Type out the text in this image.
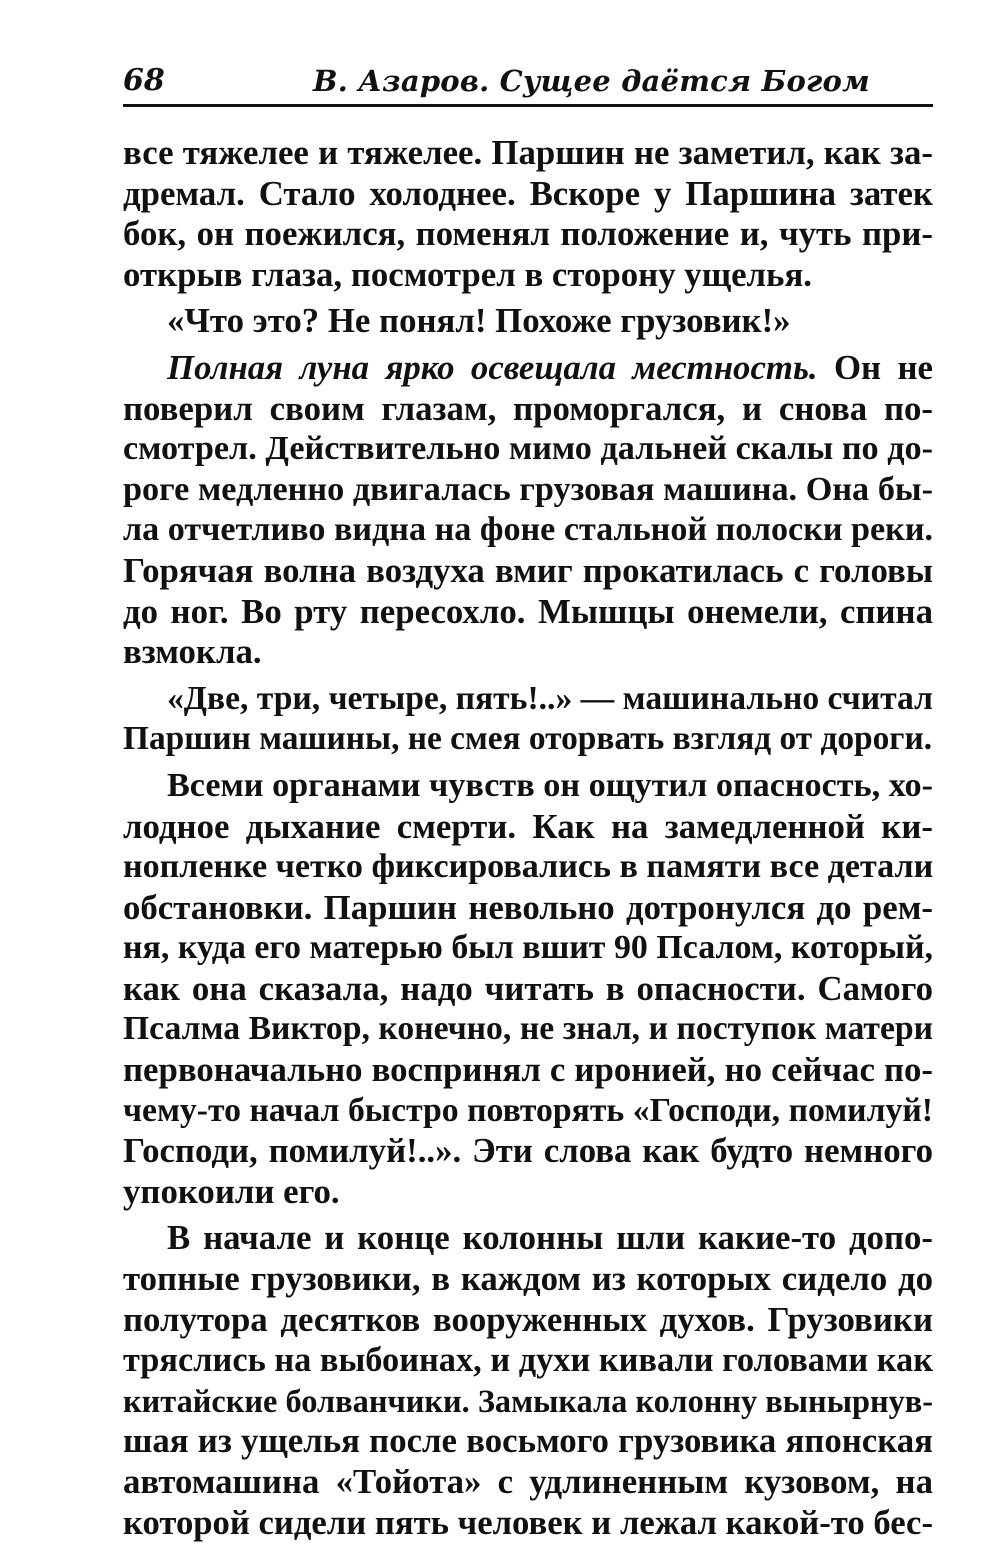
68	В. Азаров. Сущее даётся Богом
все тяжелее и тяжелее. Паршин не заметил, как за-
дремал. Стало холоднее. Вскоре у Паршина затек
бок, он поежился, поменял положение и, чуть при-
открыв глаза, посмотрел в сторону ущелья.
«Что это? Не понял! Похоже грузовик!»
Полная луна ярко освещала местность. Он не
поверил своим глазам, проморгался, и снова по-
смотрел. Действительно мимо дальней скалы по до-
роге медленно двигалась грузовая машина. Она бы-
ла отчетливо видна на фоне стальной полоски реки.
Горячая волна воздуха вмиг прокатилась с головы
до ног. Во рту пересохло. Мышцы онемели, спина
взмокла.
«Две, три, четыре, пять!..» — машинально считал
Паршин машины, не смея оторвать взгляд от дороги.
Всеми органами чувств он ощутил опасность, хо-
лодное дыхание смерти. Как на замедленной ки-
нопленке четко фиксировались в памяти все детали
обстановки. Паршин невольно дотронулся до рем-
ня, куда его матерью был вшит 90 Псалом, который,
как она сказала, надо читать в опасности. Самого
Псалма Виктор, конечно, не знал, и поступок матери
первоначально воспринял с иронией, но сейчас по-
чему-то начал быстро повторять «Господи, помилуй!
Господи, помилуй!..». Эти слова как будто немного
упокоили его.
В начале и конце колонны шли какие-то допо-
топные грузовики, в каждом из которых сидело до
полутора десятков вооруженных духов. Грузовики
тряслись на выбоинах, и духи кивали головами как
китайские болванчики. Замыкала колонну вынырнув-
шая из ущелья после восьмого грузовика японская
автомашина «Тойота» с удлиненным кузовом, на
которой сидели пять человек и лежал какой-то бес-
